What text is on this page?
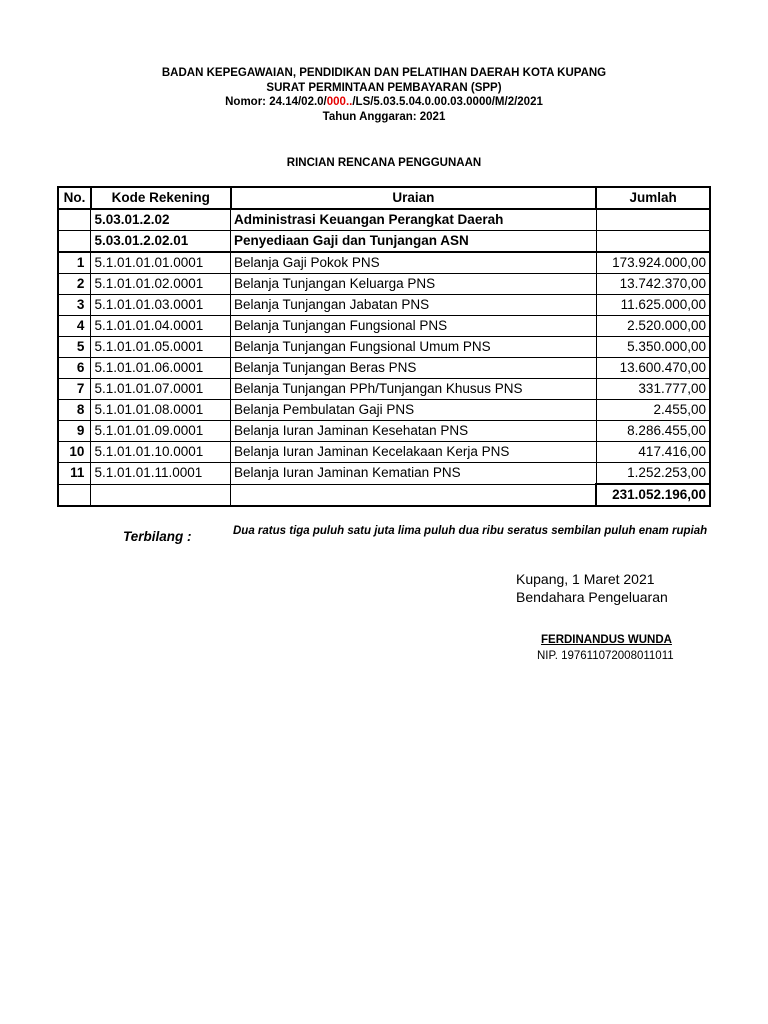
BADAN KEPEGAWAIAN, PENDIDIKAN DAN PELATIHAN DAERAH KOTA KUPANG
SURAT PERMINTAAN PEMBAYARAN (SPP)
Nomor: 24.14/02.0/000../LS/5.03.5.04.0.00.03.0000/M/2/2021
Tahun Anggaran: 2021
RINCIAN RENCANA PENGGUNAAN
No.	Kode Rekening	Uraian	Jumlah
	5.03.01.2.02	Administrasi Keuangan Perangkat Daerah	
	5.03.01.2.02.01	Penyediaan Gaji dan Tunjangan ASN	
1	5.1.01.01.01.0001	Belanja Gaji Pokok PNS	173.924.000,00
2	5.1.01.01.02.0001	Belanja Tunjangan Keluarga PNS	13.742.370,00
3	5.1.01.01.03.0001	Belanja Tunjangan Jabatan PNS	11.625.000,00
4	5.1.01.01.04.0001	Belanja Tunjangan Fungsional PNS	2.520.000,00
5	5.1.01.01.05.0001	Belanja Tunjangan Fungsional Umum PNS	5.350.000,00
6	5.1.01.01.06.0001	Belanja Tunjangan Beras PNS	13.600.470,00
7	5.1.01.01.07.0001	Belanja Tunjangan PPh/Tunjangan Khusus PNS	331.777,00
8	5.1.01.01.08.0001	Belanja Pembulatan Gaji PNS	2.455,00
9	5.1.01.01.09.0001	Belanja Iuran Jaminan Kesehatan PNS	8.286.455,00
10	5.1.01.01.10.0001	Belanja Iuran Jaminan Kecelakaan Kerja PNS	417.416,00
11	5.1.01.01.11.0001	Belanja Iuran Jaminan Kematian PNS	1.252.253,00
			231.052.196,00
Terbilang :	Dua ratus tiga puluh satu juta lima puluh dua ribu seratus sembilan puluh enam rupiah
Kupang, 1 Maret 2021
Bendahara Pengeluaran
FERDINANDUS WUNDA
NIP. 197611072008011011
